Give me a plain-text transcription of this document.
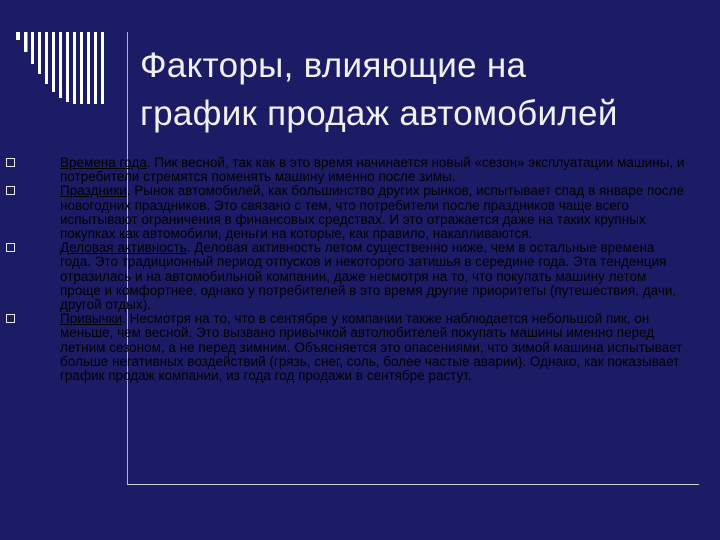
Факторы, влияющие на
график продаж автомобилей
Времена года. Пик весной, так как в это время начинается новый «сезон» эксплуатации машины, и потребители стремятся поменять машину именно после зимы.
Праздники. Рынок автомобилей, как большинство других рынков, испытывает спад в январе после новогодних праздников. Это связано с тем, что потребители после праздников чаще всего испытывают ограничения в финансовых средствах. И это отражается даже на таких крупных покупках как автомобили, деньги на которые, как правило, накапливаются.
Деловая активность. Деловая активность летом существенно ниже, чем в остальные времена года. Это традиционный период отпусков и некоторого затишья в середине года. Эта тенденция отразилась и на автомобильной компании, даже несмотря на то, что покупать машину летом проще и комфортнее, однако у потребителей в это время другие приоритеты (путешествия, дачи, другой отдых).
Привычки. Несмотря на то, что в сентябре у компании также наблюдается небольшой пик, он меньше, чем весной. Это вызвано привычкой автолюбителей покупать машины именно перед летним сезоном, а не перед зимним. Объясняется это опасениями, что зимой машина испытывает больше негативных воздействий (грязь, снег, соль, более частые аварии). Однако, как показывает график продаж компании, из года год продажи в сентябре растут.
